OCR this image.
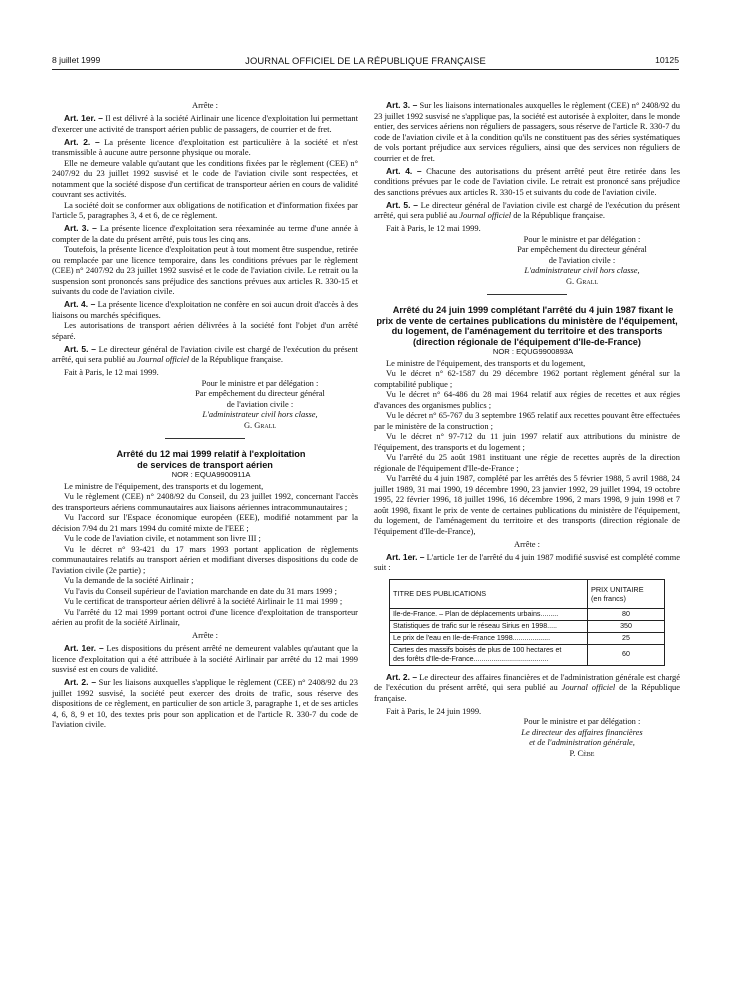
8 juillet 1999	JOURNAL OFFICIEL DE LA RÉPUBLIQUE FRANÇAISE	10125

Arrête :

Art. 1er. – Il est délivré à la société Airlinair une licence d'exploitation lui permettant d'exercer une activité de transport aérien public de passagers, de courrier et de fret.

Art. 2. – La présente licence d'exploitation est particulière à la société et n'est transmissible à aucune autre personne physique ou morale.

Elle ne demeure valable qu'autant que les conditions fixées par le règlement (CEE) n° 2407/92 du 23 juillet 1992 susvisé et le code de l'aviation civile sont respectées, et notamment que la société dispose d'un certificat de transporteur aérien en cours de validité couvrant ses activités.

La société doit se conformer aux obligations de notification et d'information fixées par l'article 5, paragraphes 3, 4 et 6, de ce règlement.

Art. 3. – La présente licence d'exploitation sera réexaminée au terme d'une année à compter de la date du présent arrêté, puis tous les cinq ans.

Toutefois, la présente licence d'exploitation peut à tout moment être suspendue, retirée ou remplacée par une licence temporaire, dans les conditions prévues par le règlement (CEE) n° 2407/92 du 23 juillet 1992 susvisé et le code de l'aviation civile. Le retrait ou la suspension sont prononcés sans préjudice des sanctions prévues aux articles R. 330-15 et suivants du code de l'aviation civile.

Art. 4. – La présente licence d'exploitation ne confère en soi aucun droit d'accès à des liaisons ou marchés spécifiques.

Les autorisations de transport aérien délivrées à la société font l'objet d'un arrêté séparé.

Art. 5. – Le directeur général de l'aviation civile est chargé de l'exécution du présent arrêté, qui sera publié au Journal officiel de la République française.

Fait à Paris, le 12 mai 1999.

Pour le ministre et par délégation :
Par empêchement du directeur général
de l'aviation civile :
L'administrateur civil hors classe,
G. Grall

Arrêté du 12 mai 1999 relatif à l'exploitation
de services de transport aérien

NOR : EQUA9900911A

Le ministre de l'équipement, des transports et du logement,

Vu le règlement (CEE) n° 2408/92 du Conseil, du 23 juillet 1992, concernant l'accès des transporteurs aériens communautaires aux liaisons aériennes intracommunautaires ;

Vu l'accord sur l'Espace économique européen (EEE), modifié notamment par la décision 7/94 du 21 mars 1994 du comité mixte de l'EEE ;

Vu le code de l'aviation civile, et notamment son livre III ;

Vu le décret n° 93-421 du 17 mars 1993 portant application de règlements communautaires relatifs au transport aérien et modifiant diverses dispositions du code de l'aviation civile (2e partie) ;

Vu la demande de la société Airlinair ;

Vu l'avis du Conseil supérieur de l'aviation marchande en date du 31 mars 1999 ;

Vu le certificat de transporteur aérien délivré à la société Airlinair le 11 mai 1999 ;

Vu l'arrêté du 12 mai 1999 portant octroi d'une licence d'exploitation de transporteur aérien au profit de la société Airlinair,

Arrête :

Art. 1er. – Les dispositions du présent arrêté ne demeurent valables qu'autant que la licence d'exploitation qui a été attribuée à la société Airlinair par arrêté du 12 mai 1999 susvisé est en cours de validité.

Art. 2. – Sur les liaisons auxquelles s'applique le règlement (CEE) n° 2408/92 du 23 juillet 1992 susvisé, la société peut exercer des droits de trafic, sous réserve des dispositions de ce règlement, en particulier de son article 3, paragraphe 1, et de ses articles 4, 6, 8, 9 et 10, des textes pris pour son application et de l'article R. 330-7 du code de l'aviation civile.

Art. 3. – Sur les liaisons internationales auxquelles le règlement (CEE) n° 2408/92 du 23 juillet 1992 susvisé ne s'applique pas, la société est autorisée à exploiter, dans le monde entier, des services aériens non réguliers de passagers, sous réserve de l'article R. 330-7 du code de l'aviation civile et à la condition qu'ils ne constituent pas des séries systématiques de vols portant préjudice aux services réguliers, ainsi que des services non réguliers de courrier et de fret.

Art. 4. – Chacune des autorisations du présent arrêté peut être retirée dans les conditions prévues par le code de l'aviation civile. Le retrait est prononcé sans préjudice des sanctions prévues aux articles R. 330-15 et suivants du code de l'aviation civile.

Art. 5. – Le directeur général de l'aviation civile est chargé de l'exécution du présent arrêté, qui sera publié au Journal officiel de la République française.

Fait à Paris, le 12 mai 1999.

Pour le ministre et par délégation :
Par empêchement du directeur général
de l'aviation civile :
L'administrateur civil hors classe,
G. Grall

Arrêté du 24 juin 1999 complétant l'arrêté du 4 juin 1987 fixant le prix de vente de certaines publications du ministère de l'équipement, du logement, de l'aménagement du territoire et des transports (direction régionale de l'équipement d'Ile-de-France)

NOR : EQUG9900893A

Le ministre de l'équipement, des transports et du logement,

Vu le décret n° 62-1587 du 29 décembre 1962 portant règlement général sur la comptabilité publique ;

Vu le décret n° 64-486 du 28 mai 1964 relatif aux régies de recettes et aux régies d'avances des organismes publics ;

Vu le décret n° 65-767 du 3 septembre 1965 relatif aux recettes pouvant être effectuées par le ministère de la construction ;

Vu le décret n° 97-712 du 11 juin 1997 relatif aux attributions du ministre de l'équipement, des transports et du logement ;

Vu l'arrêté du 25 août 1981 instituant une régie de recettes auprès de la direction régionale de l'équipement d'Ile-de-France ;

Vu l'arrêté du 4 juin 1987, complété par les arrêtés des 5 février 1988, 5 avril 1988, 24 juillet 1989, 31 mai 1990, 19 décembre 1990, 23 janvier 1992, 29 juillet 1994, 19 octobre 1995, 22 février 1996, 18 juillet 1996, 16 décembre 1996, 2 mars 1998, 9 juin 1998 et 7 août 1998, fixant le prix de vente de certaines publications du ministère de l'équipement, du logement, de l'aménagement du territoire et des transports (direction régionale de l'équipement d'Ile-de-France),

Arrête :

Art. 1er. – L'article 1er de l'arrêté du 4 juin 1987 modifié susvisé est complété comme suit :

TITRE DES PUBLICATIONS	PRIX UNITAIRE
(en francs)
Ile-de-France. – Plan de déplacements urbains.........	80
Statistiques de trafic sur le réseau Sirius en 1998.....	350
Le prix de l'eau en Ile-de-France 1998...................	25
Cartes des massifs boisés de plus de 100 hectares et
des forêts d'Ile-de-France......................................	60

Art. 2. – Le directeur des affaires financières et de l'administration générale est chargé de l'exécution du présent arrêté, qui sera publié au Journal officiel de la République française.

Fait à Paris, le 24 juin 1999.

Pour le ministre et par délégation :
Le directeur des affaires financières
et de l'administration générale,
P. Cèbe
